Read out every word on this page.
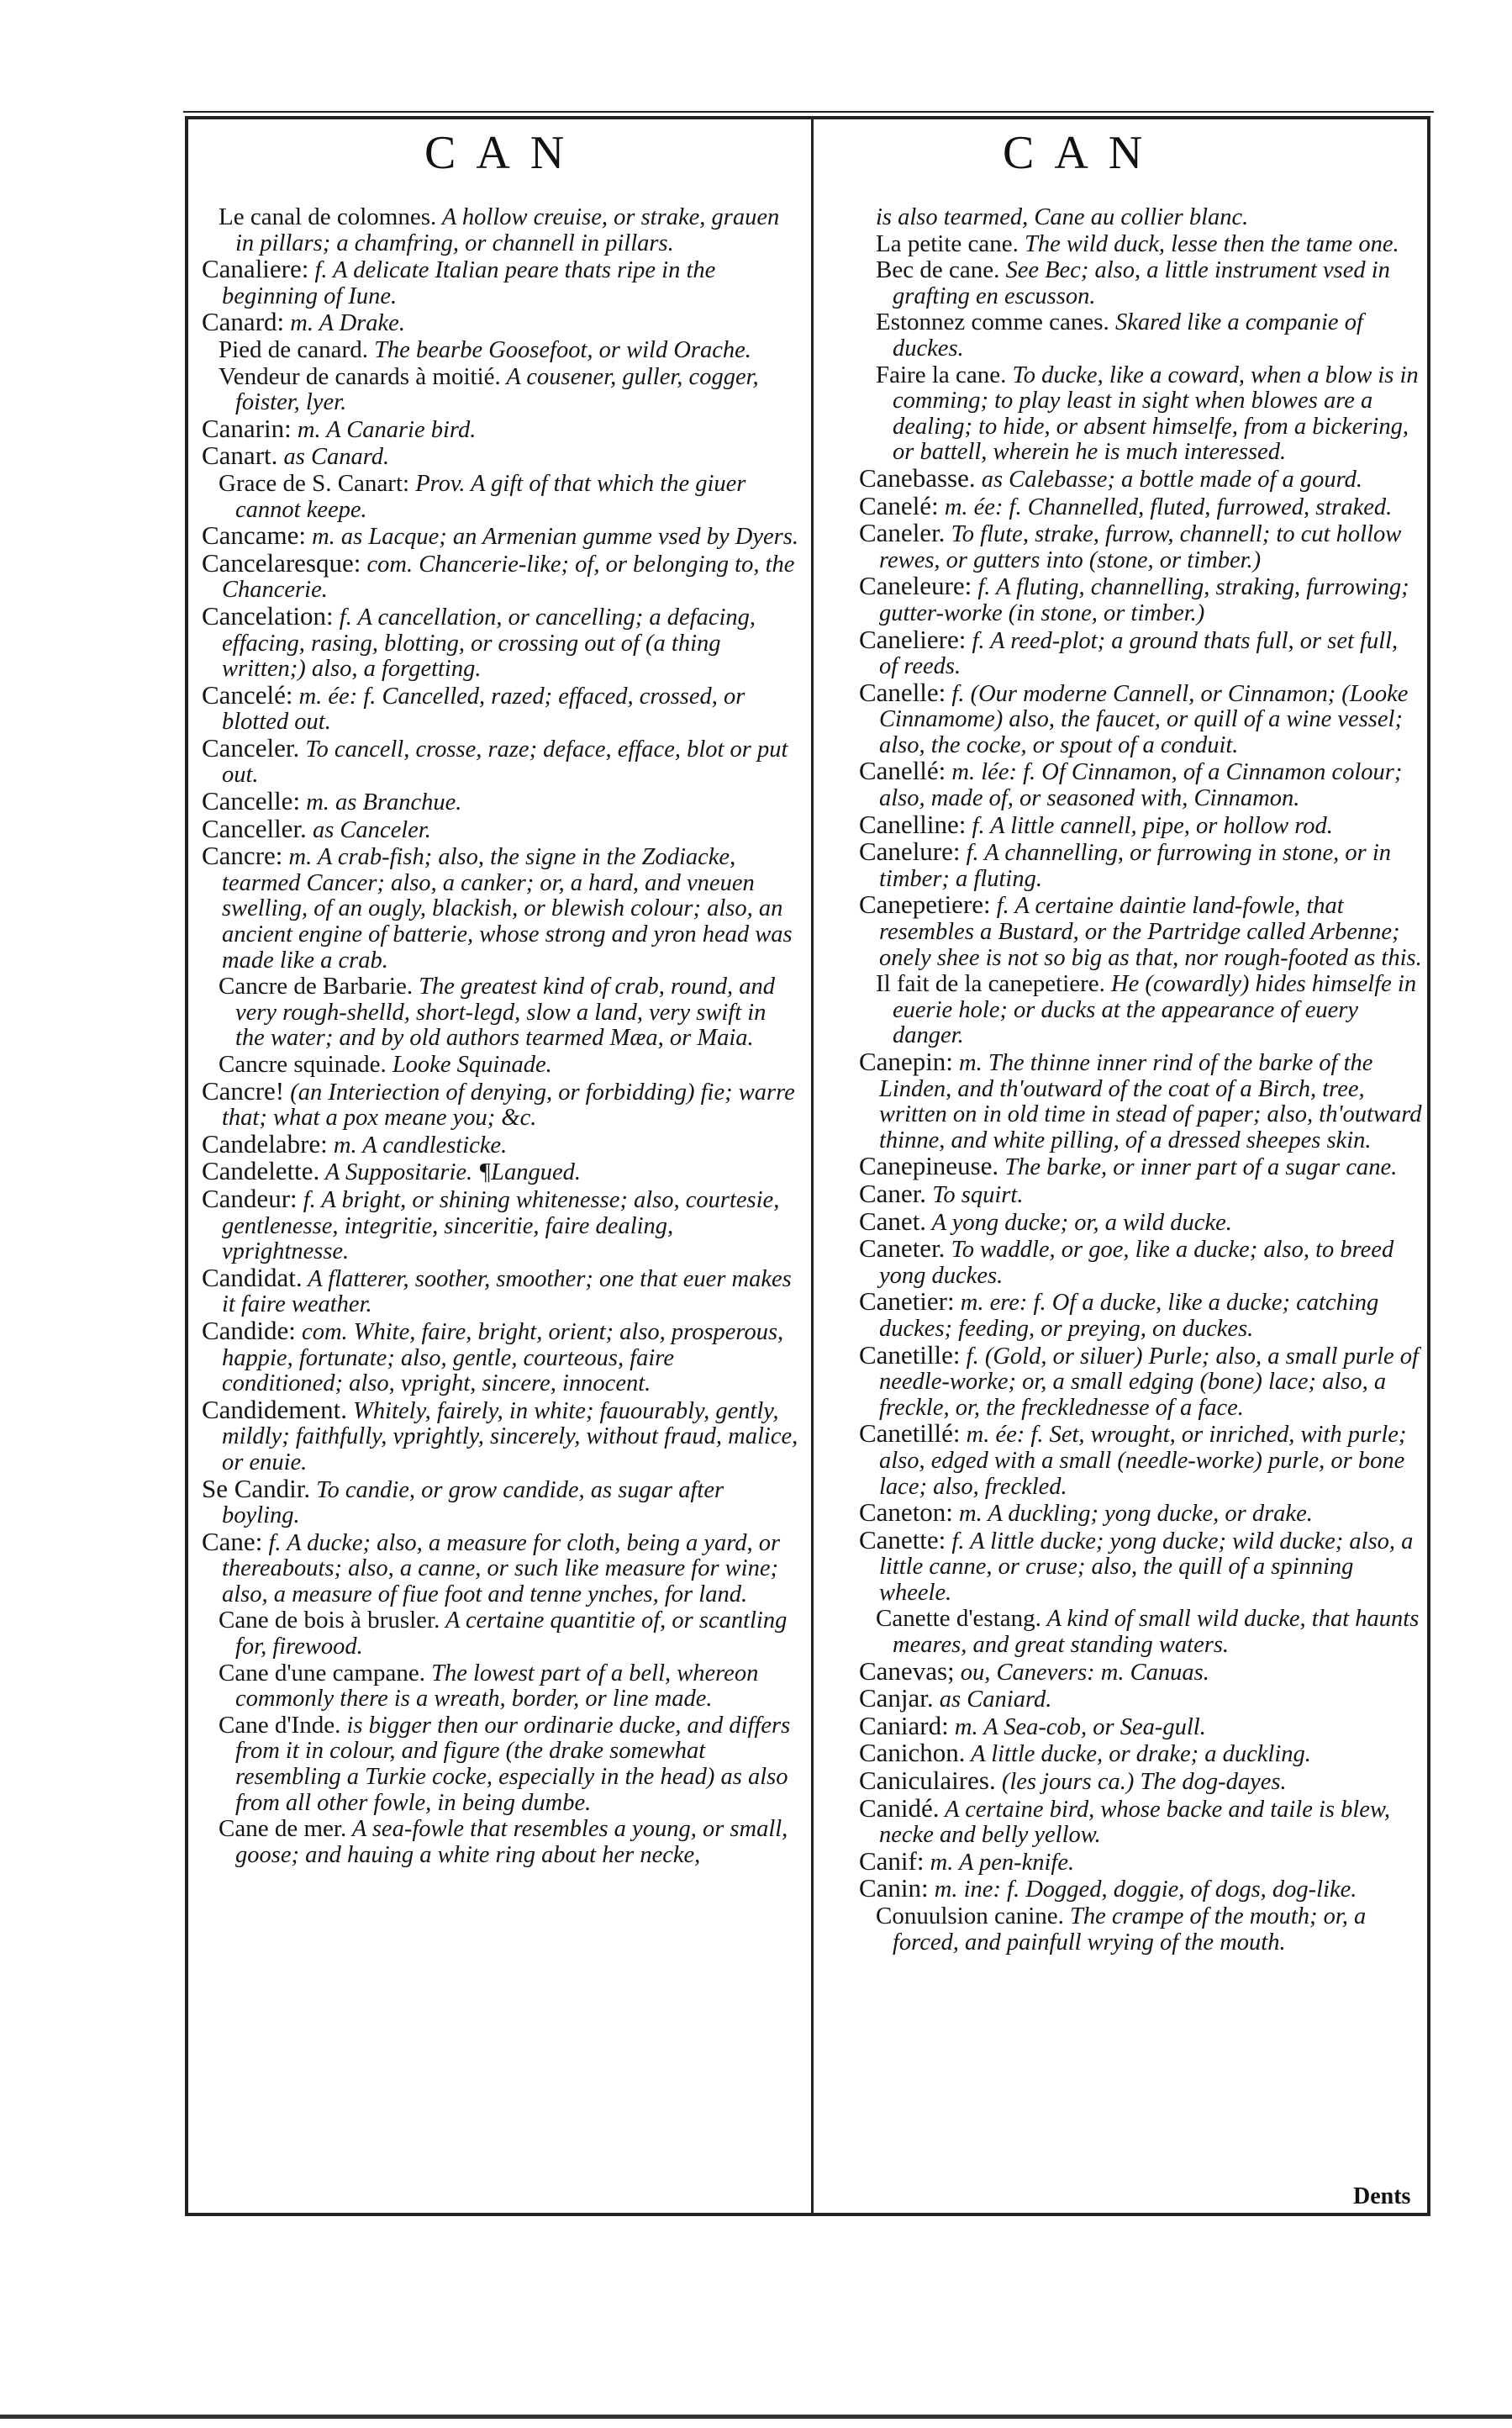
CAN	CAN
Le canal de colomnes. A hollow creuise, or strake, grauen in pillars; a chamfring, or channell in pillars.
Canaliere: f. A delicate Italian peare thats ripe in the beginning of Iune.
Canard: m. A Drake.
Pied de canard. The bearbe Goosefoot, or wild Orache.
Vendeur de canards à moitié. A cousener, guller, cogger, foister, lyer.
Canarin: m. A Canarie bird.
Canart. as Canard.
Grace de S. Canart: Prov. A gift of that which the giuer cannot keepe.
Cancame: m. as Lacque; an Armenian gumme vsed by Dyers.
Cancelaresque: com. Chancerie-like; of, or belonging to, the Chancerie.
Cancelation: f. A cancellation, or cancelling; a defacing, effacing, rasing, blotting, or crossing out of (a thing written;) also, a forgetting.
Cancelé: m. ée: f. Cancelled, razed; effaced, crossed, or blotted out.
Canceler. To cancell, crosse, raze; deface, efface, blot or put out.
Cancelle: m. as Branchue.
Canceller. as Canceler.
Cancre: m. A crab-fish; also, the signe in the Zodiacke, tearmed Cancer; also, a canker; or, a hard, and vneuen swelling, of an ougly, blackish, or blewish colour; also, an ancient engine of batterie, whose strong and yron head was made like a crab.
Cancre de Barbarie. The greatest kind of crab, round, and very rough-shelld, short-legd, slow a land, very swift in the water; and by old authors tearmed Mæa, or Maia.
Cancre squinade. Looke Squinade.
Cancre! (an Interiection of denying, or forbidding) fie; warre that; what a pox meane you; &c.
Candelabre: m. A candlesticke.
Candelette. A Suppositarie. ¶Langued.
Candeur: f. A bright, or shining whitenesse; also, courtesie, gentlenesse, integritie, sinceritie, faire dealing, vprightnesse.
Candidat. A flatterer, soother, smoother; one that euer makes it faire weather.
Candide: com. White, faire, bright, orient; also, prosperous, happie, fortunate; also, gentle, courteous, faire conditioned; also, vpright, sincere, innocent.
Candidement. Whitely, fairely, in white; fauourably, gently, mildly; faithfully, vprightly, sincerely, without fraud, malice, or enuie.
Se Candir. To candie, or grow candide, as sugar after boyling.
Cane: f. A ducke; also, a measure for cloth, being a yard, or thereabouts; also, a canne, or such like measure for wine; also, a measure of fiue foot and tenne ynches, for land.
Cane de bois à brusler. A certaine quantitie of, or scantling for, firewood.
Cane d'une campane. The lowest part of a bell, whereon commonly there is a wreath, border, or line made.
Cane d'Inde. is bigger then our ordinarie ducke, and differs from it in colour, and figure (the drake somewhat resembling a Turkie cocke, especially in the head) as also from all other fowle, in being dumbe.
Cane de mer. A sea-fowle that resembles a young, or small, goose; and hauing a white ring about her necke,
is also tearmed, Cane au collier blanc.
La petite cane. The wild duck, lesse then the tame one.
Bec de cane. See Bec; also, a little instrument vsed in grafting en escusson.
Estonnez comme canes. Skared like a companie of duckes.
Faire la cane. To ducke, like a coward, when a blow is in comming; to play least in sight when blowes are a dealing; to hide, or absent himselfe, from a bickering, or battell, wherein he is much interessed.
Canebasse. as Calebasse; a bottle made of a gourd.
Canelé: m. ée: f. Channelled, fluted, furrowed, straked.
Caneler. To flute, strake, furrow, channell; to cut hollow rewes, or gutters into (stone, or timber.)
Caneleure: f. A fluting, channelling, straking, furrowing; gutter-worke (in stone, or timber.)
Caneliere: f. A reed-plot; a ground thats full, or set full, of reeds.
Canelle: f. (Our moderne Cannell, or Cinnamon; (Looke Cinnamome) also, the faucet, or quill of a wine vessel; also, the cocke, or spout of a conduit.
Canellé: m. lée: f. Of Cinnamon, of a Cinnamon colour; also, made of, or seasoned with, Cinnamon.
Canelline: f. A little cannell, pipe, or hollow rod.
Canelure: f. A channelling, or furrowing in stone, or in timber; a fluting.
Canepetiere: f. A certaine daintie land-fowle, that resembles a Bustard, or the Partridge called Arbenne; onely shee is not so big as that, nor rough-footed as this.
Il fait de la canepetiere. He (cowardly) hides himselfe in euerie hole; or ducks at the appearance of euery danger.
Canepin: m. The thinne inner rind of the barke of the Linden, and th'outward of the coat of a Birch, tree, written on in old time in stead of paper; also, th'outward thinne, and white pilling, of a dressed sheepes skin.
Canepineuse. The barke, or inner part of a sugar cane.
Caner. To squirt.
Canet. A yong ducke; or, a wild ducke.
Caneter. To waddle, or goe, like a ducke; also, to breed yong duckes.
Canetier: m. ere: f. Of a ducke, like a ducke; catching duckes; feeding, or preying, on duckes.
Canetille: f. (Gold, or siluer) Purle; also, a small purle of needle-worke; or, a small edging (bone) lace; also, a freckle, or, the frecklednesse of a face.
Canetillé: m. ée: f. Set, wrought, or inriched, with purle; also, edged with a small (needle-worke) purle, or bone lace; also, freckled.
Caneton: m. A duckling; yong ducke, or drake.
Canette: f. A little ducke; yong ducke; wild ducke; also, a little canne, or cruse; also, the quill of a spinning wheele.
Canette d'estang. A kind of small wild ducke, that haunts meares, and great standing waters.
Canevas; ou, Canevers: m. Canuas.
Canjar. as Caniard.
Caniard: m. A Sea-cob, or Sea-gull.
Canichon. A little ducke, or drake; a duckling.
Caniculaires. (les jours ca.) The dog-dayes.
Canidé. A certaine bird, whose backe and taile is blew, necke and belly yellow.
Canif: m. A pen-knife.
Canin: m. ine: f. Dogged, doggie, of dogs, dog-like.
Conuulsion canine. The crampe of the mouth; or, a forced, and painfull wrying of the mouth.
Dents
